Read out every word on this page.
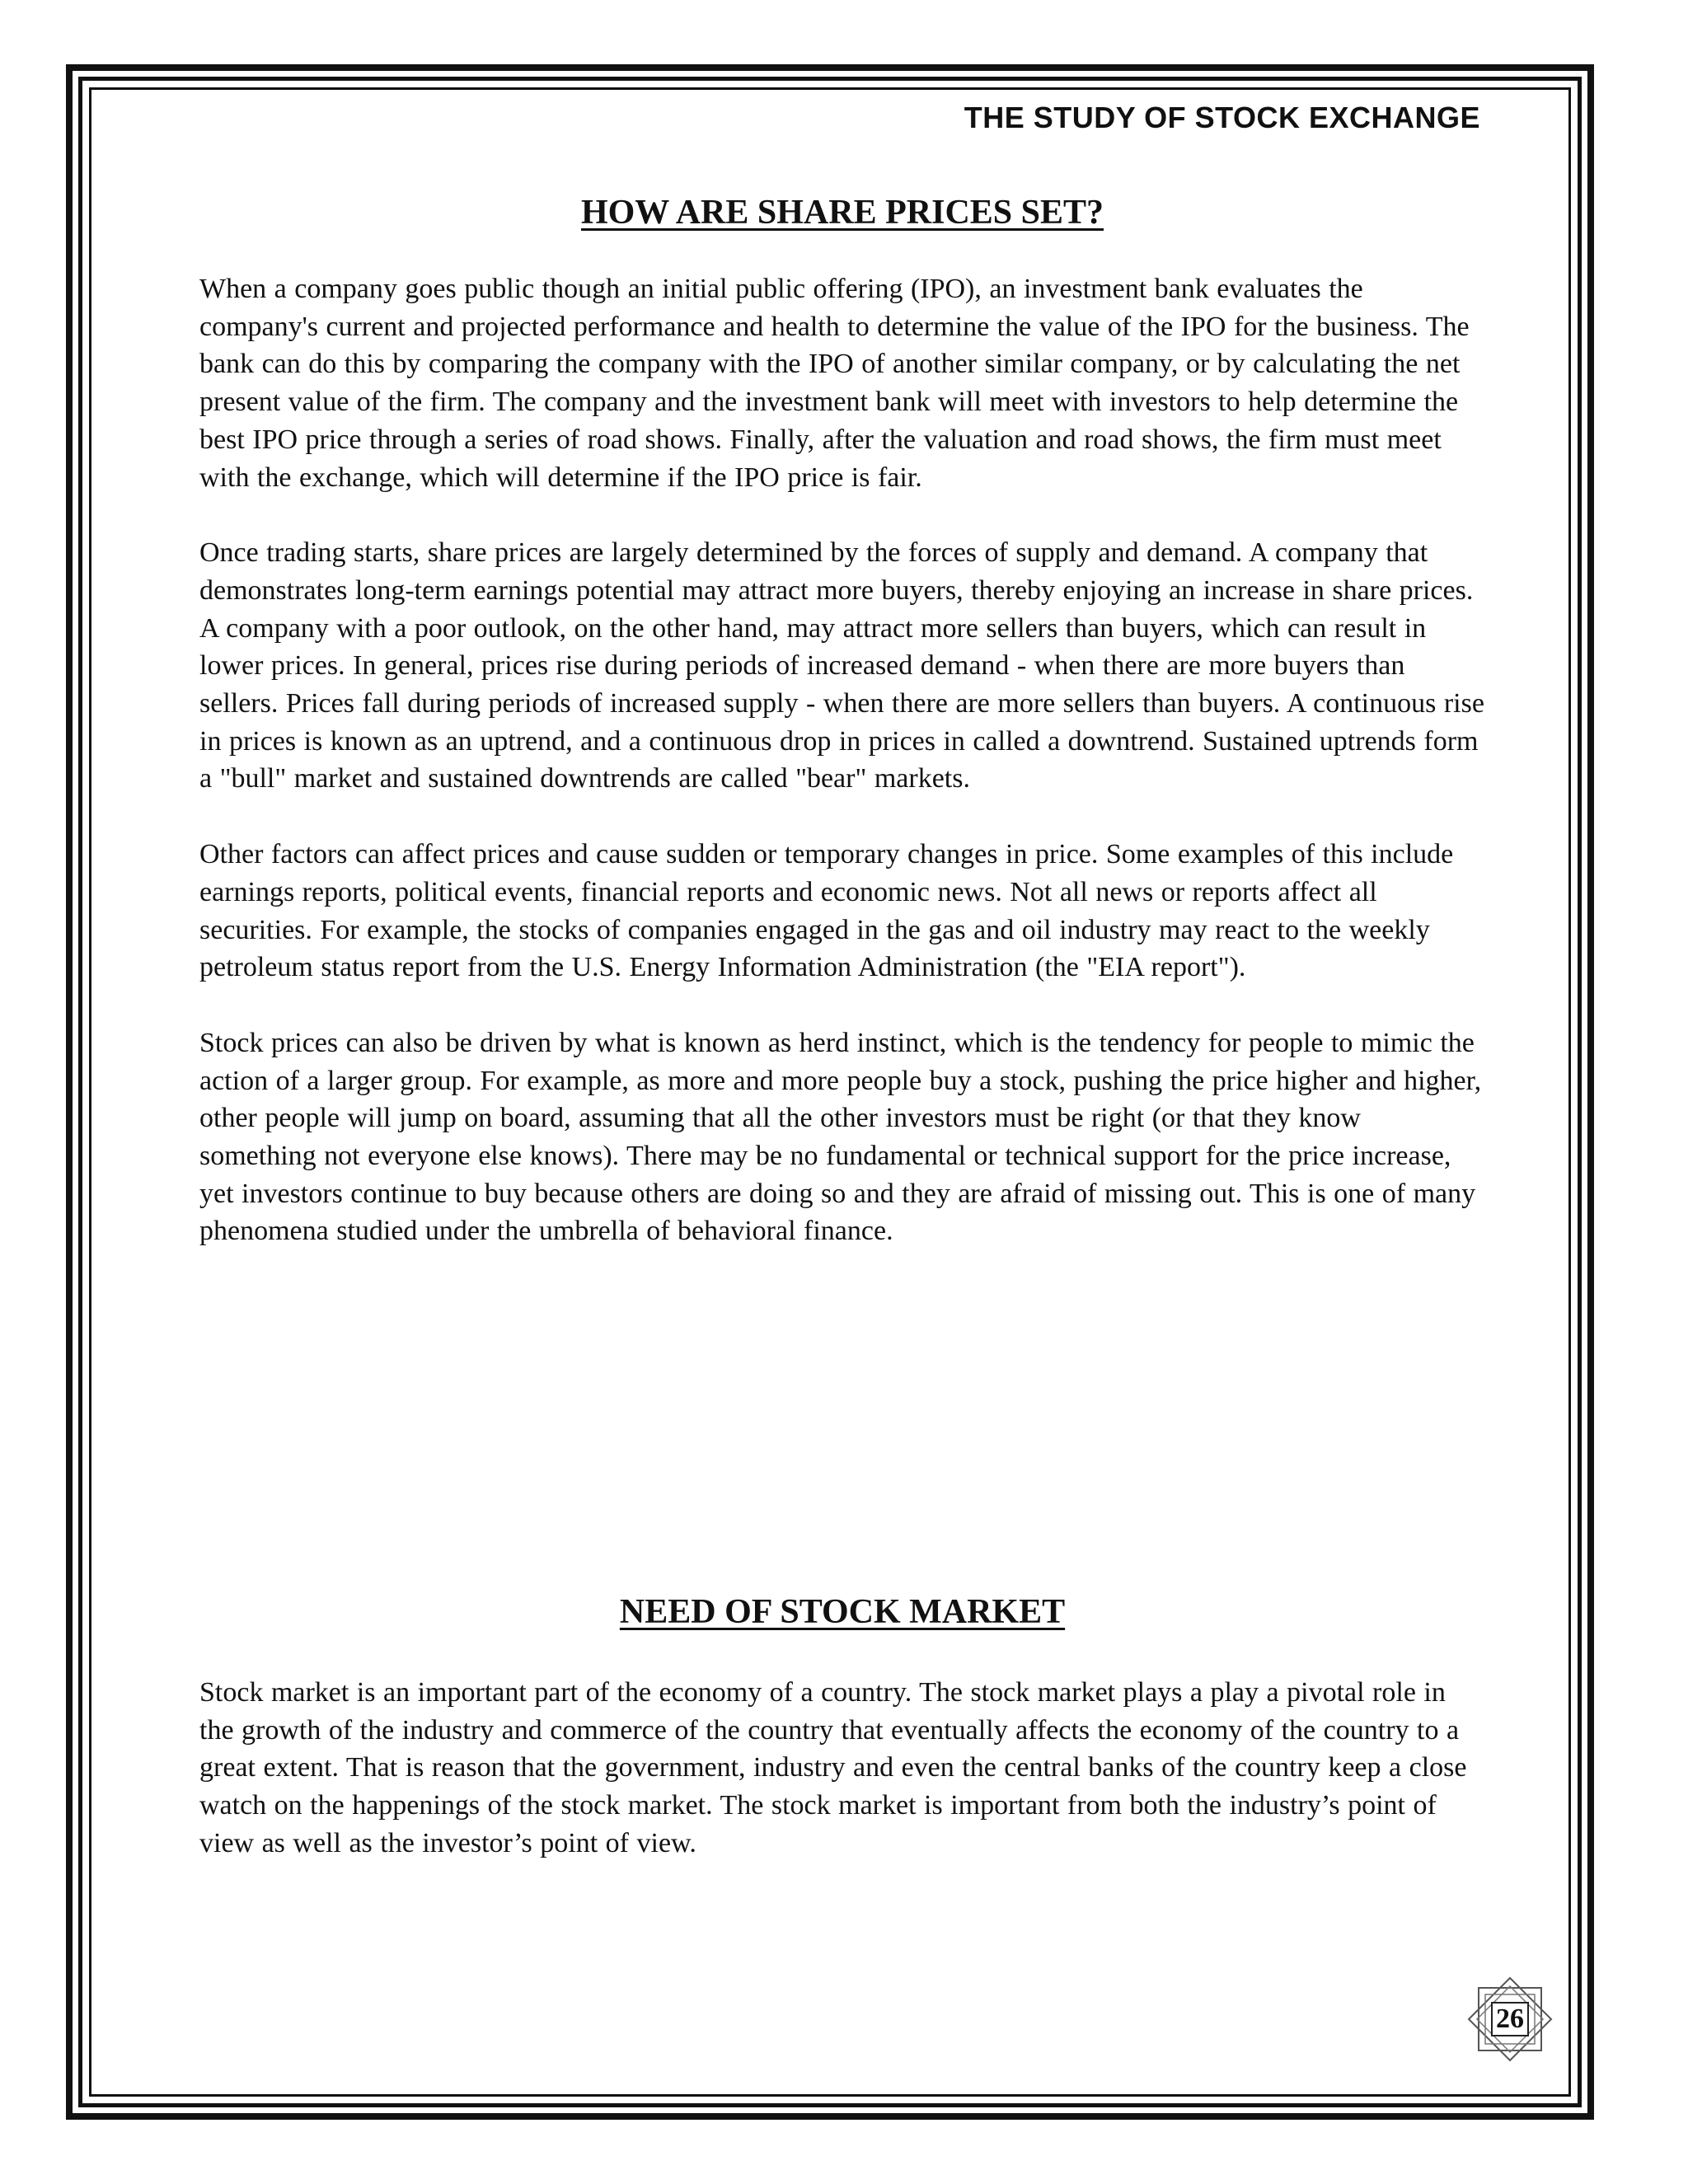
THE STUDY OF STOCK EXCHANGE
HOW ARE SHARE PRICES SET?

When a company goes public though an initial public offering (IPO), an investment bank evaluates the company's current and projected performance and health to determine the value of the IPO for the business. The bank can do this by comparing the company with the IPO of another similar company, or by calculating the net present value of the firm. The company and the investment bank will meet with investors to help determine the best IPO price through a series of road shows. Finally, after the valuation and road shows, the firm must meet with the exchange, which will determine if the IPO price is fair.

Once trading starts, share prices are largely determined by the forces of supply and demand. A company that demonstrates long-term earnings potential may attract more buyers, thereby enjoying an increase in share prices. A company with a poor outlook, on the other hand, may attract more sellers than buyers, which can result in lower prices. In general, prices rise during periods of increased demand - when there are more buyers than sellers. Prices fall during periods of increased supply - when there are more sellers than buyers. A continuous rise in prices is known as an uptrend, and a continuous drop in prices in called a downtrend. Sustained uptrends form a "bull" market and sustained downtrends are called "bear" markets.

Other factors can affect prices and cause sudden or temporary changes in price. Some examples of this include earnings reports, political events, financial reports and economic news. Not all news or reports affect all securities. For example, the stocks of companies engaged in the gas and oil industry may react to the weekly petroleum status report from the U.S. Energy Information Administration (the "EIA report").

Stock prices can also be driven by what is known as herd instinct, which is the tendency for people to mimic the action of a larger group. For example, as more and more people buy a stock, pushing the price higher and higher, other people will jump on board, assuming that all the other investors must be right (or that they know something not everyone else knows). There may be no fundamental or technical support for the price increase, yet investors continue to buy because others are doing so and they are afraid of missing out. This is one of many phenomena studied under the umbrella of behavioral finance.

NEED OF STOCK MARKET

Stock market is an important part of the economy of a country. The stock market plays a play a pivotal role in the growth of the industry and commerce of the country that eventually affects the economy of the country to a great extent. That is reason that the government, industry and even the central banks of the country keep a close watch on the happenings of the stock market. The stock market is important from both the industry’s point of view as well as the investor’s point of view.

26
